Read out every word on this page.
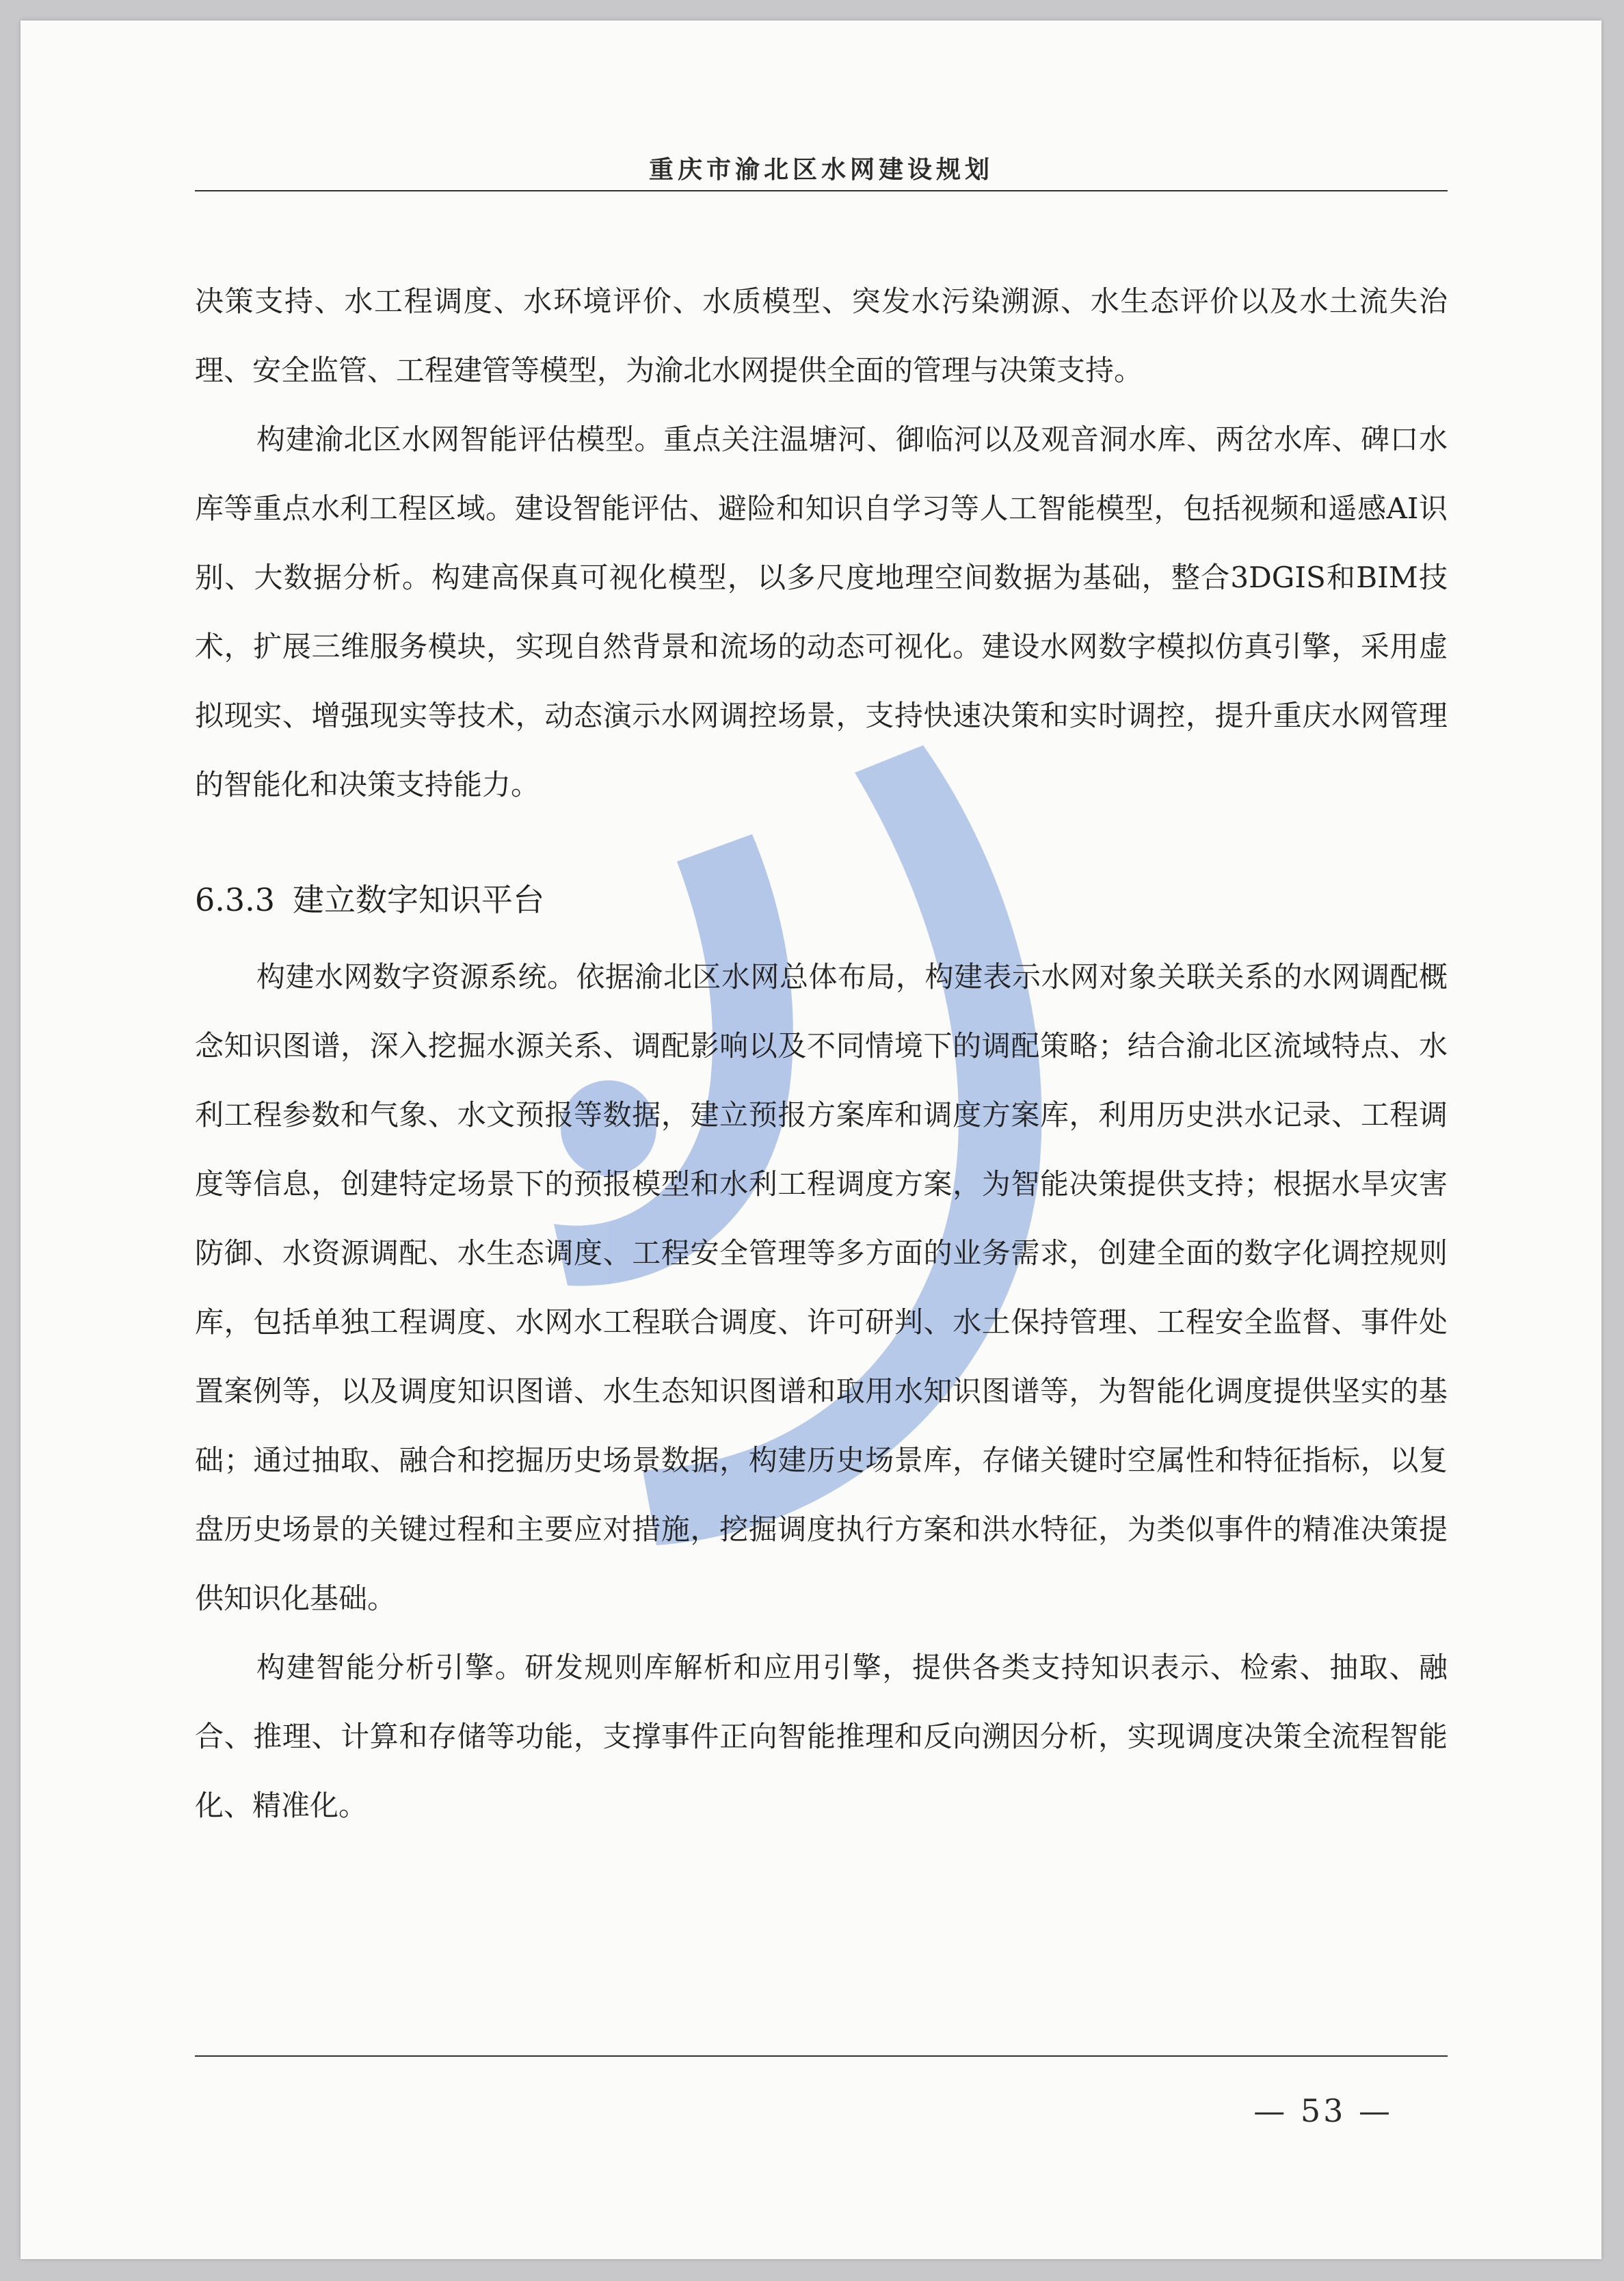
重庆市渝北区水网建设规划

决策支持、水工程调度、水环境评价、水质模型、突发水污染溯源、水生态评价以及水土流失治理、安全监管、工程建管等模型，为渝北水网提供全面的管理与决策支持。

构建渝北区水网智能评估模型。重点关注温塘河、御临河以及观音洞水库、两岔水库、碑口水库等重点水利工程区域。建设智能评估、避险和知识自学习等人工智能模型，包括视频和遥感AI识别、大数据分析。构建高保真可视化模型，以多尺度地理空间数据为基础，整合3DGIS和BIM技术，扩展三维服务模块，实现自然背景和流场的动态可视化。建设水网数字模拟仿真引擎，采用虚拟现实、增强现实等技术，动态演示水网调控场景，支持快速决策和实时调控，提升重庆水网管理的智能化和决策支持能力。

6.3.3 建立数字知识平台

构建水网数字资源系统。依据渝北区水网总体布局，构建表示水网对象关联关系的水网调配概念知识图谱，深入挖掘水源关系、调配影响以及不同情境下的调配策略；结合渝北区流域特点、水利工程参数和气象、水文预报等数据，建立预报方案库和调度方案库，利用历史洪水记录、工程调度等信息，创建特定场景下的预报模型和水利工程调度方案，为智能决策提供支持；根据水旱灾害防御、水资源调配、水生态调度、工程安全管理等多方面的业务需求，创建全面的数字化调控规则库，包括单独工程调度、水网水工程联合调度、许可研判、水土保持管理、工程安全监督、事件处置案例等，以及调度知识图谱、水生态知识图谱和取用水知识图谱等，为智能化调度提供坚实的基础；通过抽取、融合和挖掘历史场景数据，构建历史场景库，存储关键时空属性和特征指标，以复盘历史场景的关键过程和主要应对措施，挖掘调度执行方案和洪水特征，为类似事件的精准决策提供知识化基础。

构建智能分析引擎。研发规则库解析和应用引擎，提供各类支持知识表示、检索、抽取、融合、推理、计算和存储等功能，支撑事件正向智能推理和反向溯因分析，实现调度决策全流程智能化、精准化。

— 53 —
